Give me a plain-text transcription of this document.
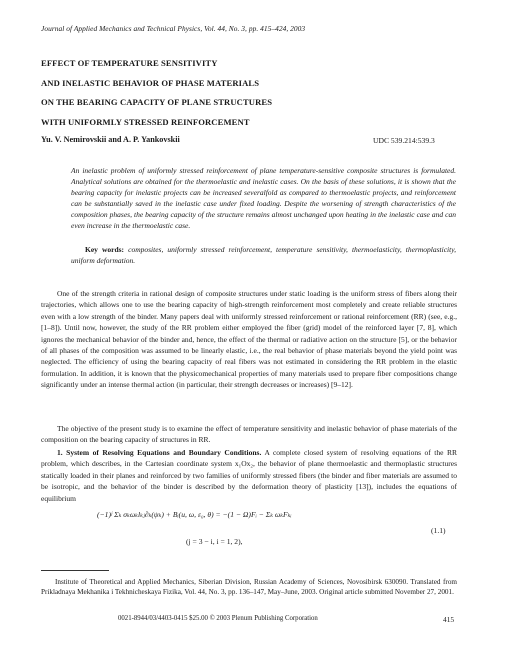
Journal of Applied Mechanics and Technical Physics, Vol. 44, No. 3, pp. 415–424, 2003
EFFECT OF TEMPERATURE SENSITIVITY
AND INELASTIC BEHAVIOR OF PHASE MATERIALS
ON THE BEARING CAPACITY OF PLANE STRUCTURES
WITH UNIFORMLY STRESSED REINFORCEMENT
Yu. V. Nemirovskii and A. P. Yankovskii	UDC 539.214:539.3
An inelastic problem of uniformly stressed reinforcement of plane temperature-sensitive composite structures is formulated. Analytical solutions are obtained for the thermoelastic and inelastic cases. On the basis of these solutions, it is shown that the bearing capacity for inelastic projects can be increased severalfold as compared to thermoelastic projects, and reinforcement can be substantially saved in the inelastic case under fixed loading. Despite the worsening of strength characteristics of the composition phases, the bearing capacity of the structure remains almost unchanged upon heating in the inelastic case and can even increase in the thermoelastic case.
Key words: composites, uniformly stressed reinforcement, temperature sensitivity, thermoelasticity, thermoplasticity, uniform deformation.
One of the strength criteria in rational design of composite structures under static loading is the uniform stress of fibers along their trajectories, which allows one to use the bearing capacity of high-strength reinforcement most completely and create reliable structures even with a low strength of the binder. Many papers deal with uniformly stressed reinforcement or rational reinforcement (RR) (see, e.g., [1–8]). Until now, however, the study of the RR problem either employed the fiber (grid) model of the reinforced layer [7, 8], which ignores the mechanical behavior of the binder and, hence, the effect of the thermal or radiative action on the structure [5], or the behavior of all phases of the composition was assumed to be linearly elastic, i.e., the real behavior of phase materials beyond the yield point was neglected. The efficiency of using the bearing capacity of real fibers was not estimated in considering the RR problem in the elastic formulation. In addition, it is known that the physicomechanical properties of many materials used to prepare fiber compositions change significantly under an intense thermal action (in particular, their strength decreases or increases) [9–12].
The objective of the present study is to examine the effect of temperature sensitivity and inelastic behavior of phase materials of the composition on the bearing capacity of structures in RR.
1. System of Resolving Equations and Boundary Conditions. A complete closed system of resolving equations of the RR problem, which describes, in the Cartesian coordinate system x₁Ox₂, the behavior of plane thermoelastic and thermoplastic structures statically loaded in their planes and reinforced by two families of uniformly stressed fibers (the binder and fiber materials are assumed to be isotropic, and the behavior of the binder is described by the deformation theory of plasticity [13]), includes the equations of equilibrium
(−1)ʲ Σₖ σₖωₖlₖⱼ∂ₖ(ψₖ) + Bᵢ(u, ω, ε₀, θ) = −(1 − Ω)Fᵢ − Σₖ ωₖFₖᵢ
(j = 3 − i, i = 1, 2),
(1.1)
Institute of Theoretical and Applied Mechanics, Siberian Division, Russian Academy of Sciences, Novosibirsk 630090. Translated from Prikladnaya Mekhanika i Tekhnicheskaya Fizika, Vol. 44, No. 3, pp. 136–147, May–June, 2003. Original article submitted November 27, 2001.
0021-8944/03/4403-0415 $25.00 © 2003 Plenum Publishing Corporation	415
